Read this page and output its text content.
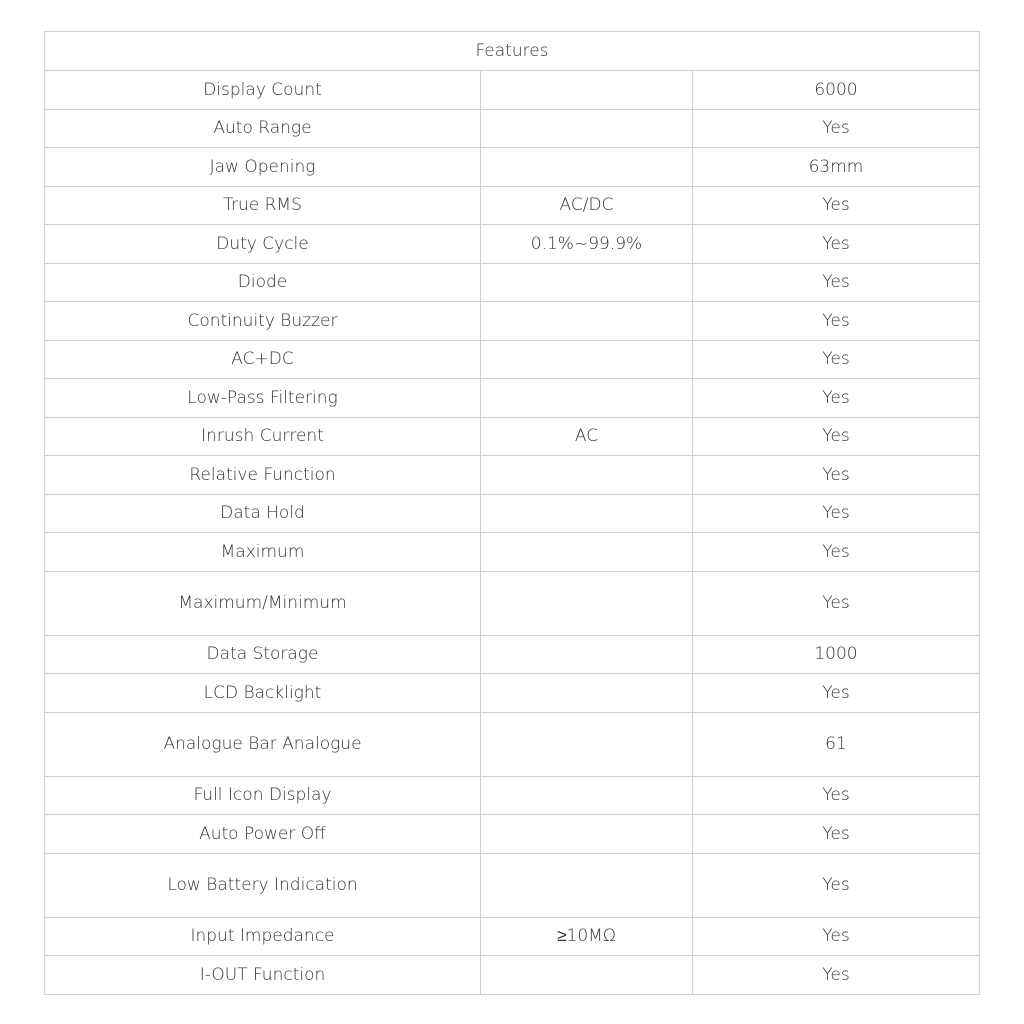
Features		
Display Count		6000
Auto Range		Yes
Jaw Opening		63mm
True RMS	AC/DC	Yes
Duty Cycle	0.1%~99.9%	Yes
Diode		Yes
Continuity Buzzer		Yes
AC+DC		Yes
Low-Pass Filtering		Yes
Inrush Current	AC	Yes
Relative Function		Yes
Data Hold		Yes
Maximum		Yes
Maximum/Minimum		Yes
Data Storage		1000
LCD Backlight		Yes
Analogue Bar Analogue		61
Full Icon Display		Yes
Auto Power Off		Yes
Low Battery Indication		Yes
Input Impedance	≥10MΩ	Yes
I-OUT Function		Yes
